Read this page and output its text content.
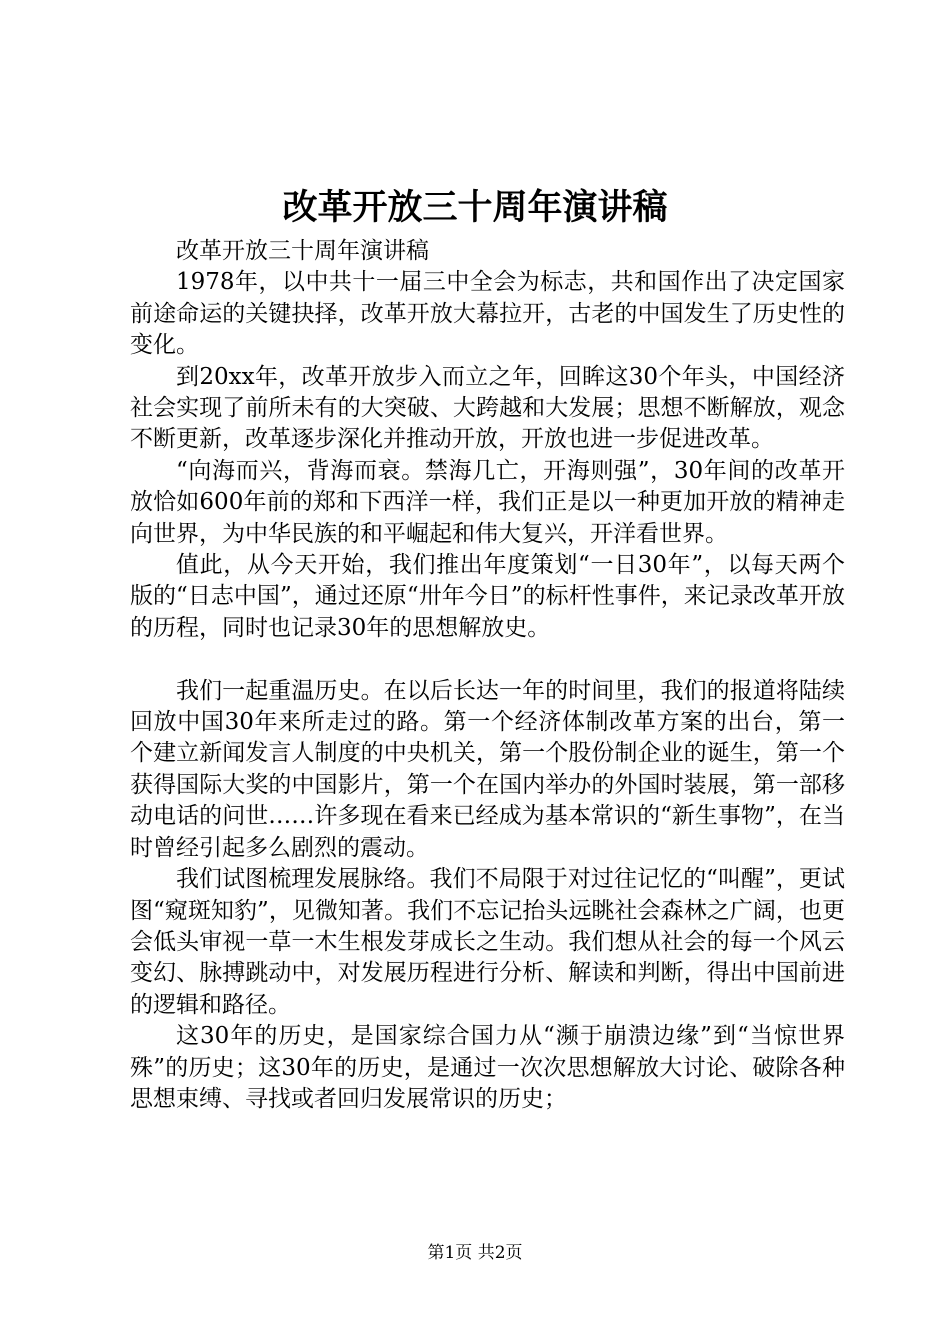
改革开放三十周年演讲稿

改革开放三十周年演讲稿

1978年，以中共十一届三中全会为标志，共和国作出了决定国家前途命运的关键抉择，改革开放大幕拉开，古老的中国发生了历史性的变化。

到20xx年，改革开放步入而立之年，回眸这30个年头，中国经济社会实现了前所未有的大突破、大跨越和大发展；思想不断解放，观念不断更新，改革逐步深化并推动开放，开放也进一步促进改革。

“向海而兴，背海而衰。禁海几亡，开海则强”，30年间的改革开放恰如600年前的郑和下西洋一样，我们正是以一种更加开放的精神走向世界，为中华民族的和平崛起和伟大复兴，开洋看世界。

值此，从今天开始，我们推出年度策划“一日30年”，以每天两个版的“日志中国”，通过还原“卅年今日”的标杆性事件，来记录改革开放的历程，同时也记录30年的思想解放史。

我们一起重温历史。在以后长达一年的时间里，我们的报道将陆续回放中国30年来所走过的路。第一个经济体制改革方案的出台，第一个建立新闻发言人制度的中央机关，第一个股份制企业的诞生，第一个获得国际大奖的中国影片，第一个在国内举办的外国时装展，第一部移动电话的问世……许多现在看来已经成为基本常识的“新生事物”，在当时曾经引起多么剧烈的震动。

我们试图梳理发展脉络。我们不局限于对过往记忆的“叫醒”，更试图“窥斑知豹”，见微知著。我们不忘记抬头远眺社会森林之广阔，也更会低头审视一草一木生根发芽成长之生动。我们想从社会的每一个风云变幻、脉搏跳动中，对发展历程进行分析、解读和判断，得出中国前进的逻辑和路径。

这30年的历史，是国家综合国力从“濒于崩溃边缘”到“当惊世界殊”的历史；这30年的历史，是通过一次次思想解放大讨论、破除各种思想束缚、寻找或者回归发展常识的历史；

第1页 共2页
